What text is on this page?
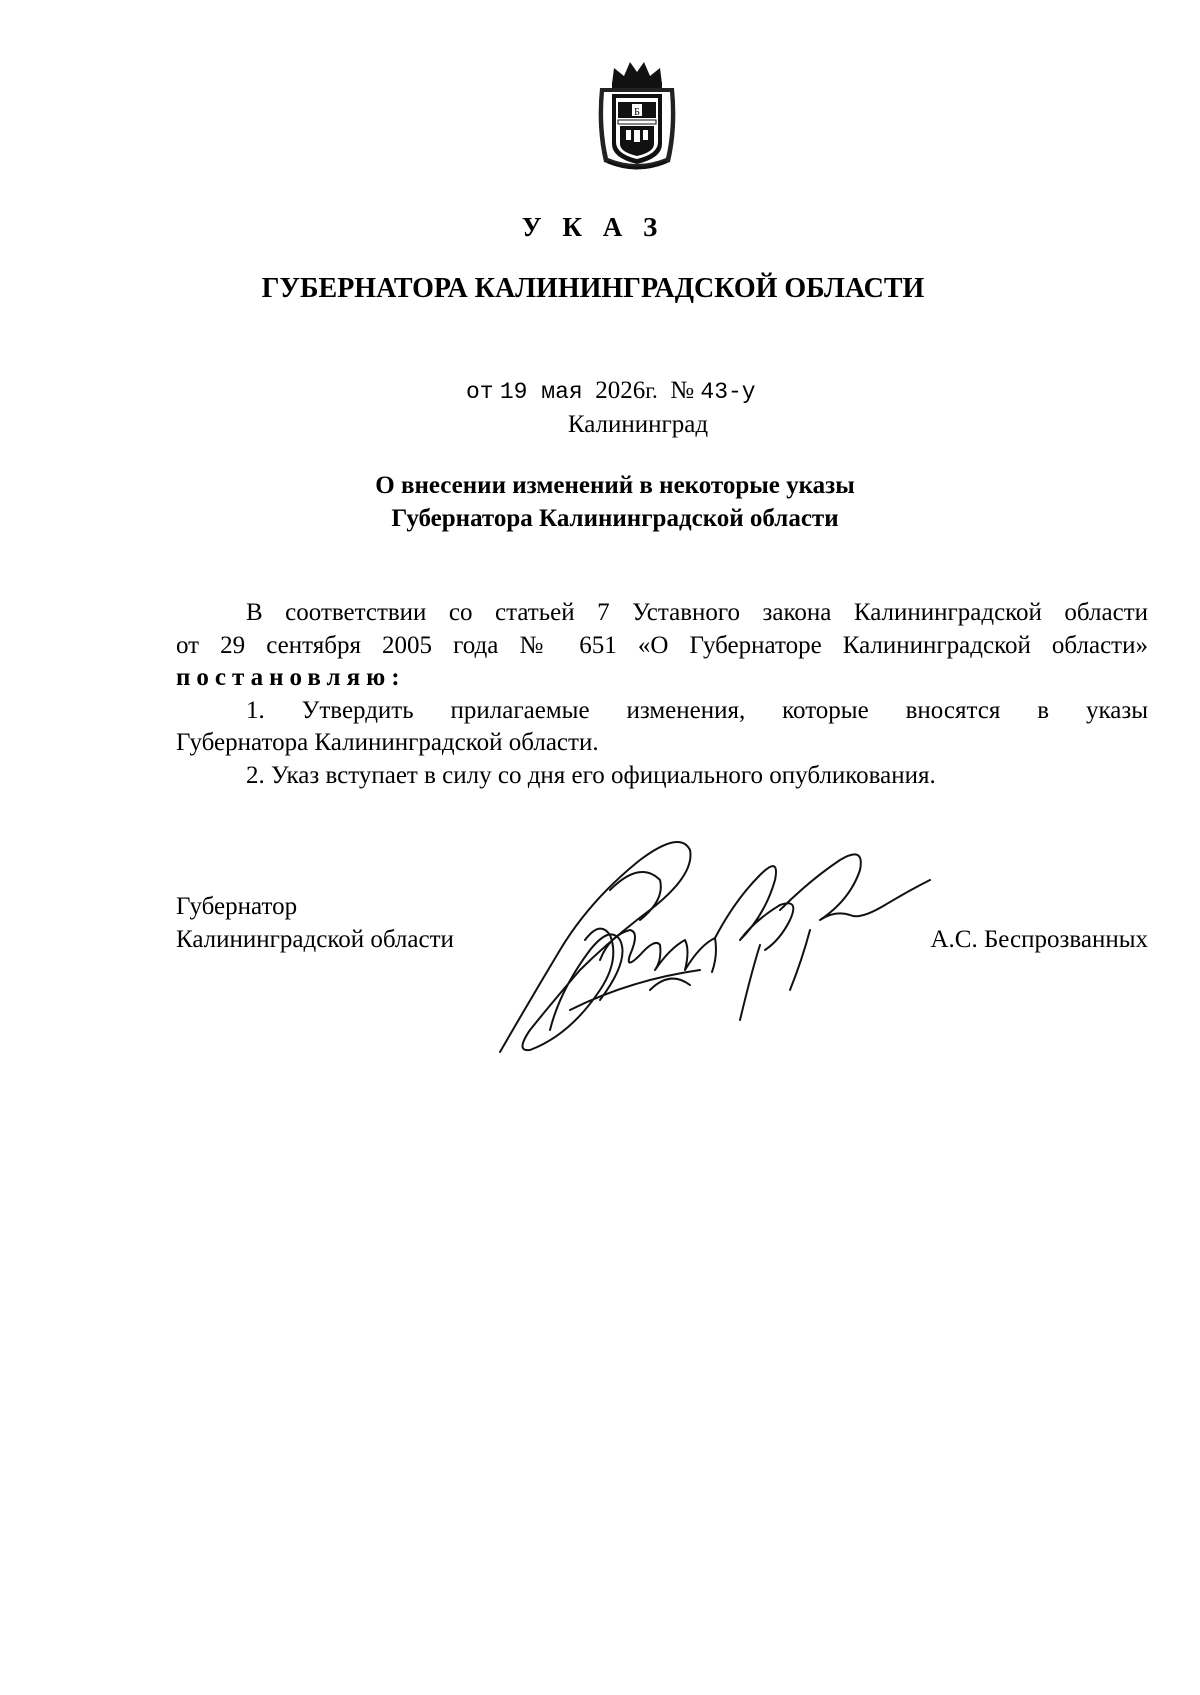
Б
У К А З
ГУБЕРНАТОРА КАЛИНИНГРАДСКОЙ ОБЛАСТИ
от 19 мая 2026г. № 43-у
Калининград
О внесении изменений в некоторые указы
Губернатора Калининградской области

В соответствии со статьей 7 Уставного закона Калининградской области

от 29 сентября 2005 года № 651 «О Губернаторе Калининградской области»

постановляю:

1. Утвердить прилагаемые изменения, которые вносятся в указы

Губернатора Калининградской области.

2. Указ вступает в силу со дня его официального опубликования.

Губернатор
Калининградской области	А.С. Беспрозванных
